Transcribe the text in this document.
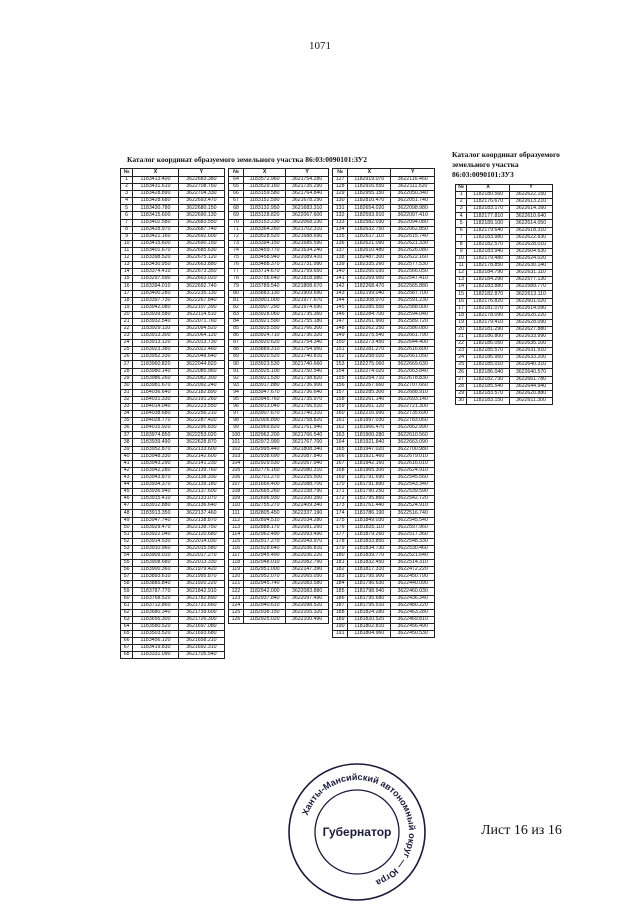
1071
Каталог координат образуемого земельного участка 86:03:0090101:ЗУ2
Каталог координат образуемого земельного участка 86:03:0090101:ЗУ3
№	X	Y
1	1183413.400	3622683.380
2	1183431.610	3622708.760
3	1183428.890	3622704.330
4	1183428.680	3622693.470
5	1183430.780	3622680.150
6	1183415.600	3622690.130
7	1183402.580	3622683.550
8	1183428.970	3622687.740
9	1183421.160	3622692.600
10	1183415.600	3622690.150
11	1183401.670	3622685.630
12	1183398.520	3622675.120
13	1183430.950	3622663.880
14	1183374.410	3622673.350
15	1183297.590	3622663.020
16	1183394.010	3622692.740
17	1183400.280	3622235.130
18	1183397.730	3622267.840
19	1183942.080	3622107.390
20	1183939.580	3622114.510
21	1183932.540	3622071.760
22	1183929.110	3622094.520
23	1183913.300	3622064.120
24	1183913.120	3622013.730
25	1183923.380	3622022.460
26	1183952.330	3622048.640
27	1183960.820	3622044.820
28	1183980.140	3622085.960
29	1183986.260	3622082.300
30	1183981.670	3622092.240
31	1184036.640	3622182.890
32	1184031.330	3622191.260
33	1184014.040	3622223.550
34	1184038.680	3622256.210
35	1184028.770	3622287.420
36	1184015.920	3622296.830
37	1183974.850	3622253.020
38	1183939.490	3622628.870
39	1183952.870	3622133.600
40	1183948.330	3622142.600
41	1183943.290	3622141.230
42	1183942.280	3622139.760
43	1183943.870	3622138.330
44	1183934.370	3622139.180
45	1183936.940	3622137.600
46	1183915.410	3622133.070
47	1183912.880	3622136.640
48	1183913.350	3622137.460
49	1183947.740	3622138.870
50	1183929.470	3622138.750
51	1183922.040	3622120.680
52	1183914.530	3622014.030
53	1183910.960	3622015.580
54	1183909.010	3622017.270
55	1183908.680	3622013.330
56	1183900.360	3621979.420
57	1183893.610	3621995.870
58	1183885.840	3621920.220
59	1183787.770	3621842.910
60	1183768.520	3621782.890
61	1183712.860	3621731.660
62	1183680.340	3621739.600
63	1183656.300	3621726.300
64	1183580.520	3621697.080
65	1183503.520	3621693.680
66	1183456.120	3621658.210
67	1183419.830	3621692.310
68	1183331.090	3621705.540
№	X	Y
64	1183572.960	3621754.280
65	1183529.160	3621735.290
66	1183159.580	3621764.840
67	1183152.590	3621678.290
68	1183132.950	3621683.310
69	1183128.820	3622067.600
70	1183153.230	3622068.230
71	1183364.260	3621702.310
72	1183528.520	3621688.690
73	1183394.150	3621685.590
74	1183459.770	3621634.240
75	1183458.940	3622089.410
76	1183488.370	3621731.990
77	1183714.670	3621759.650
78	1183756.640	3621818.980
79	1183789.540	3621808.670
80	1183883.130	3621909.690
81	1183901.000	3621977.670
82	1183907.290	3621974.690
83	1183928.060	3621735.360
84	1183921.590	3621755.180
85	1183925.550	3621766.300
86	1183924.710	3621736.320
87	1183920.620	3621754.340
88	1183889.310	3621754.950
89	1183920.520	3621740.810
90	1183923.530	3621740.660
91	1183925.100	3621750.540
92	1183921.530	3621738.820
93	1183917.880	3621736.900
94	1183947.670	3621736.640
95	1183945.760	3621735.970
96	1183913.040	3621756.510
97	1183907.670	3621740.310
98	1182006.890	3621758.820
99	1182969.820	3621761.940
100	1182962.200	3621766.540
101	1182972.990	3621767.700
102	1182995.440	3621808.340
103	1182938.690	3622087.840
104	1182929.530	3622057.940
105	1182776.160	3622080.310
106	1182701.270	3622255.500
107	1181666.400	3622088.700
108	1182665.260	3622158.790
109	1182696.930	3622200.350
110	1182755.270	3622409.340
111	1182805.450	3622337.190
112	1182894.510	3622034.280
113	1182888.170	3622081.260
114	1182962.490	3622093.490
115	1182917.270	3622043.970
116	1182928.640	3622036.810
117	1182945.490	3622036.220
118	1182948.010	3622082.790
119	1182951.000	3622147.390
120	1182952.070	3622065.050
121	1182945.740	3622083.580
122	1182942.000	3622083.880
123	1182937.840	3622097.490
124	1182940.610	3622098.520
125	1182938.150	3622105.320
126	1182925.020	3622100.490
№	X	Y
127	1182919.070	3622116.460
128	1182916.550	3622111.520
129	1182955.150	3622050.340
130	1182810.470	3622051.740
131	1182654.020	3622098.980
132	1182593.910	3622097.410
133	1182582.030	3622094.080
134	1182632.750	3622062.850
135	1182617.110	3622615.740
136	1182621.090	3622621.330
137	1182610.480	3622626.080
138	1182487.300	3622622.160
139	1182335.260	3622577.530
140	1182265.030	3622566.050
141	1182269.950	3622547.410
142	1182268.470	3622565.880
143	1182199.040	3622587.700
144	1182308.070	3622591.230
145	1182285.550	3622588.000
146	1182284.700	3622594.040
147	1182261.900	3622589.720
148	1182262.250	3622586.080
149	1182275.540	3622661.790
150	1182273.450	3622644.400
151	1182281.270	3622616.600
152	1182258.020	3622661.050
153	1182275.060	3622669.630
154	1182274.020	3622663.840
155	1182254.710	3622678.830
156	1182267.660	3622707.660
157	1182285.300	3622688.910
158	1182261.140	3622693.140
159	1182261.120	3622721.300
160	1182216.990	3622735.690
161	1181997.030	3622783.060
162	1181966.470	3622662.990
163	1181900.280	3622610.560
164	1181921.840	3622663.090
165	1181947.020	3622700.980
166	1181921.460	3622679.010
167	1181942.160	3622616.010
168	1181965.300	3622624.910
169	1181791.690	3622545.560
170	1181791.890	3622543.340
171	1181790.250	3622539.590
172	1181795.860	3622542.720
173	1181761.440	3622524.910
174	1181786.190	3622516.740
175	1181849.030	3622545.540
176	1181835.110	3622597.960
177	1181879.260	3622517.360
178	1181833.850	3622548.330
179	1181834.730	3622530.460
180	1181839.770	3622521.640
181	1181832.450	3622514.310
182	1181817.310	3622472.220
183	1181795.900	3622450.790
184	1181796.630	3622440.090
185	1181798.940	3622460.030
186	1181795.680	3622436.340
187	1181795.510	3622480.220
188	1181824.280	3622463.280
189	1181820.520	3622469.810
190	1181802.810	3622456.490
191	1181804.960	3622450.530
№	X	Y
1	1182180.560	3622622.150
2	1182176.670	3622613.210
3	1182183.170	3622614.160
4	1182177.810	3622610.640
5	1182189.100	3622614.050
6	1182179.640	3622618.310
7	1182183.980	3622622.830
8	1182182.570	3622628.010
9	1182183.940	3622604.630
10	1182179.480	3622624.020
11	1182178.850	3622630.140
12	1182184.790	3622631.110
13	1182184.290	3622577.130
14	1182183.880	3622589.770
15	1182182.870	3622613.110
16	1182176.820	3622601.020
17	1182181.070	3622614.090
18	1182178.090	3622620.220
19	1182179.410	3622628.090
20	1182181.290	3622627.880
21	1182186.800	3622633.990
22	1182186.050	3622635.100
23	1182185.570	3622631.910
24	1182186.950	3622633.200
25	1182185.010	3622640.310
26	1182186.040	3622640.570
27	1182182.730	3622661.780
28	1182185.540	3622644.940
29	1182183.570	3622620.880
30	1182183.150	3622611.300
Лист 16 из 16
Ханты-Мансийский автономный округ — Югра
Губернатор
